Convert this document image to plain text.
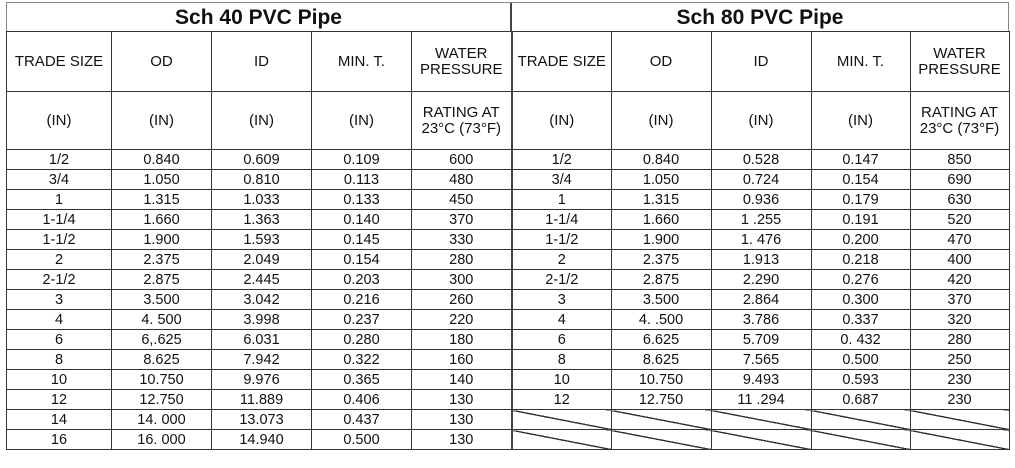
Sch 40 PVC Pipe	Sch 80 PVC Pipe
TRADE SIZE	OD	ID	MIN. T.	WATER PRESSURE
(IN)	(IN)	(IN)	(IN)	RATING AT 23°C (73°F)
1/2	0.840	0.609	0.109	600
3/4	1.050	0.810	0.113	480
1	1.315	1.033	0.133	450
1-1/4	1.660	1.363	0.140	370
1-1/2	1.900	1.593	0.145	330
2	2.375	2.049	0.154	280
2-1/2	2.875	2.445	0.203	300
3	3.500	3.042	0.216	260
4	4. 500	3.998	0.237	220
6	6,.625	6.031	0.280	180
8	8.625	7.942	0.322	160
10	10.750	9.976	0.365	140
12	12.750	11.889	0.406	130
14	14. 000	13.073	0.437	130
16	16. 000	14.940	0.500	130
TRADE SIZE	OD	ID	MIN. T.	WATER PRESSURE
(IN)	(IN)	(IN)	(IN)	RATING AT 23°C (73°F)
1/2	0.840	0.528	0.147	850
3/4	1.050	0.724	0.154	690
1	1.315	0.936	0.179	630
1-1/4	1.660	1 .255	0.191	520
1-1/2	1.900	1. 476	0.200	470
2	2.375	1.913	0.218	400
2-1/2	2.875	2.290	0.276	420
3	3.500	2.864	0.300	370
4	4. .500	3.786	0.337	320
6	6.625	5.709	0. 432	280
8	8.625	7.565	0.500	250
10	10.750	9.493	0.593	230
12	12.750	11 .294	0.687	230
